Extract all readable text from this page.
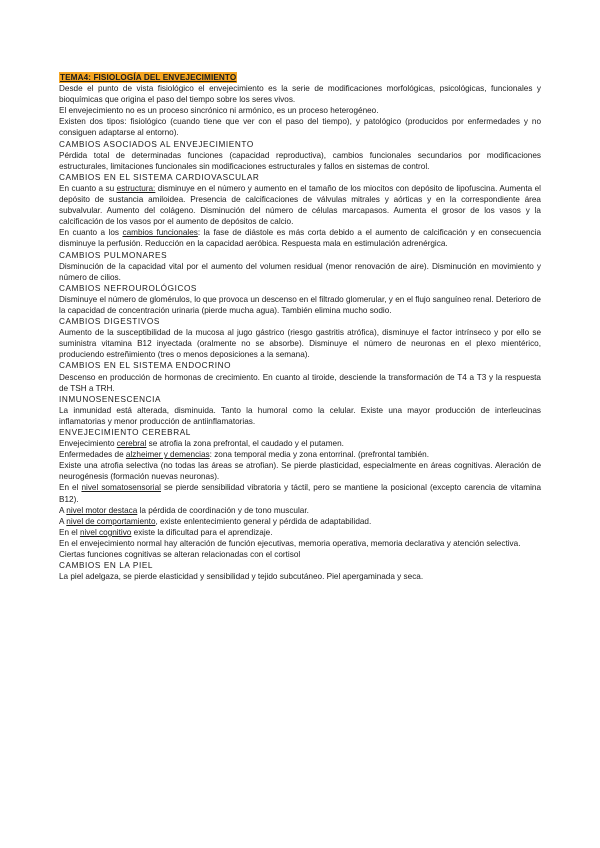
TEMA4: FISIOLOGÍA DEL ENVEJECIMIENTO

Desde el punto de vista fisiológico el envejecimiento es la serie de modificaciones morfológicas, psicológicas, funcionales y bioquímicas que origina el paso del tiempo sobre los seres vivos.

El envejecimiento no es un proceso sincrónico ni armónico, es un proceso heterogéneo.

Existen dos tipos: fisiológico (cuando tiene que ver con el paso del tiempo), y patológico (producidos por enfermedades y no consiguen adaptarse al entorno).

CAMBIOS ASOCIADOS AL ENVEJECIMIENTO

Pérdida total de determinadas funciones (capacidad reproductiva), cambios funcionales secundarios por modificaciones estructurales, limitaciones funcionales sin modificaciones estructurales y fallos en sistemas de control.

CAMBIOS EN EL SISTEMA CARDIOVASCULAR

En cuanto a su estructura: disminuye en el número y aumento en el tamaño de los miocitos con depósito de lipofuscina. Aumenta el depósito de sustancia amiloidea. Presencia de calcificaciones de válvulas mitrales y aórticas y en la correspondiente área subvalvular. Aumento del colágeno. Disminución del número de células marcapasos. Aumenta el grosor de los vasos y la calcificación de los vasos por el aumento de depósitos de calcio.

En cuanto a los cambios funcionales: la fase de diástole es más corta debido a el aumento de calcificación y en consecuencia disminuye la perfusión. Reducción en la capacidad aeróbica. Respuesta mala en estimulación adrenérgica.

CAMBIOS PULMONARES

Disminución de la capacidad vital por el aumento del volumen residual (menor renovación de aire). Disminución en movimiento y número de cilios.

CAMBIOS NEFROUROLÓGICOS

Disminuye el número de glomérulos, lo que provoca un descenso en el filtrado glomerular, y en el flujo sanguíneo renal. Deterioro de la capacidad de concentración urinaria (pierde mucha agua). También elimina mucho sodio.

CAMBIOS DIGESTIVOS

Aumento de la susceptibilidad de la mucosa al jugo gástrico (riesgo gastritis atrófica), disminuye el factor intrínseco y por ello se suministra vitamina B12 inyectada (oralmente no se absorbe). Disminuye el número de neuronas en el plexo mientérico, produciendo estreñimiento (tres o menos deposiciones a la semana).

CAMBIOS EN EL SISTEMA ENDOCRINO

Descenso en producción de hormonas de crecimiento. En cuanto al tiroide, desciende la transformación de T4 a T3 y la respuesta de TSH a TRH.

INMUNOSENESCENCIA

La inmunidad está alterada, disminuida. Tanto la humoral como la celular. Existe una mayor producción de interleucinas inflamatorias y menor producción de antiinflamatorias.

ENVEJECIMIENTO CEREBRAL

Envejecimiento cerebral se atrofia la zona prefrontal, el caudado y el putamen.

Enfermedades de alzheimer y demencias: zona temporal media y zona entorrinal. (prefrontal también.

Existe una atrofia selectiva (no todas las áreas se atrofian). Se pierde plasticidad, especialmente en áreas cognitivas. Aleración de neurogénesis (formación nuevas neuronas).

En el nivel somatosensorial se pierde sensibilidad vibratoria y táctil, pero se mantiene la posicional (excepto carencia de vitamina B12).

A nivel motor destaca la pérdida de coordinación y de tono muscular.

A nivel de comportamiento, existe enlentecimiento general y pérdida de adaptabilidad.

En el nivel cognitivo existe la dificultad para el aprendizaje.

En el envejecimiento normal hay alteración de función ejecutivas, memoria operativa, memoria declarativa y atención selectiva.

Ciertas funciones cognitivas se alteran relacionadas con el cortisol

CAMBIOS EN LA PIEL

La piel adelgaza, se pierde elasticidad y sensibilidad y tejido subcutáneo. Piel apergaminada y seca.
